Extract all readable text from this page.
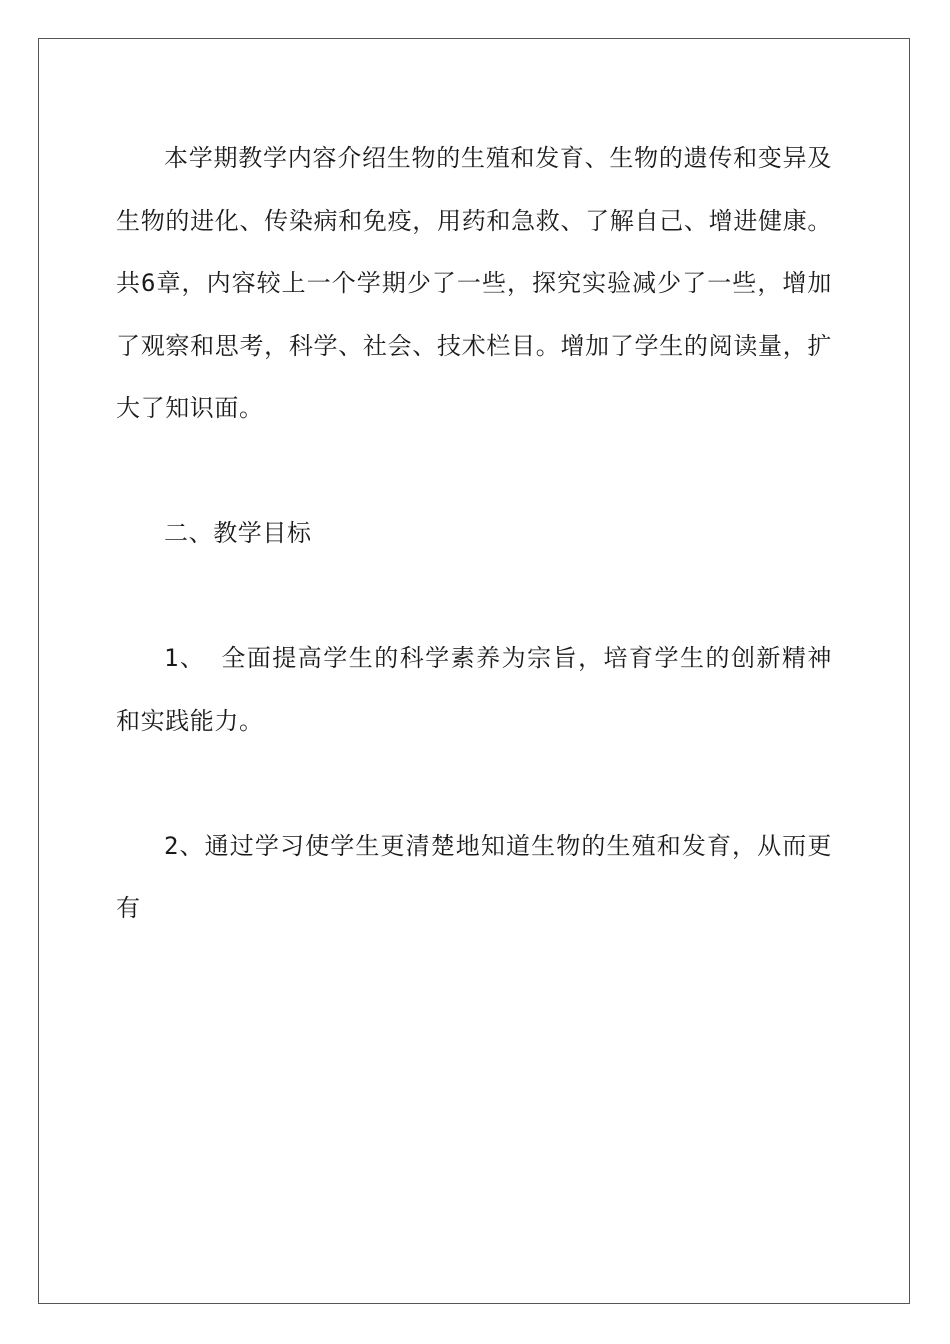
本学期教学内容介绍生物的生殖和发育、生物的遗传和变异及生物的进化、传染病和免疫，用药和急救、了解自己、增进健康。共6章，内容较上一个学期少了一些，探究实验减少了一些，增加了观察和思考，科学、社会、技术栏目。增加了学生的阅读量，扩大了知识面。

二、教学目标

1、 全面提高学生的科学素养为宗旨，培育学生的创新精神和实践能力。

2、通过学习使学生更清楚地知道生物的生殖和发育，从而更有
